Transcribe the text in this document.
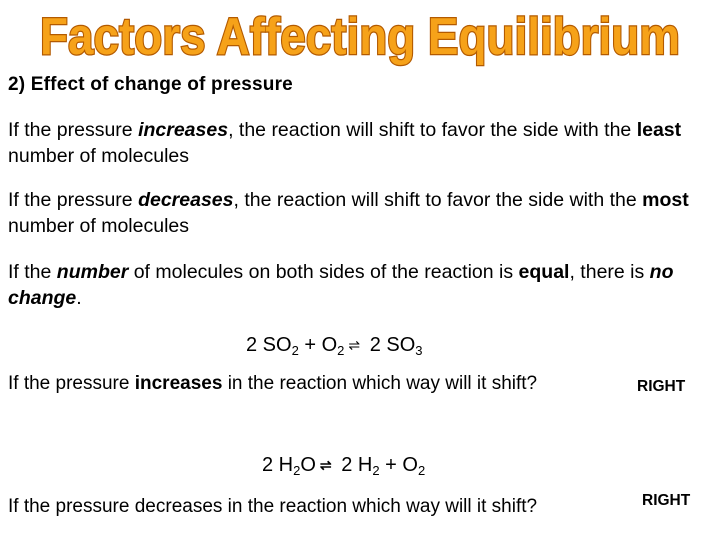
Factors Affecting Equilibrium
2) Effect of change of pressure
If the pressure increases, the reaction will shift to favor the side with the least number of molecules
If the pressure decreases, the reaction will shift to favor the side with the most number of molecules
If the number of molecules on both sides of the reaction is equal, there is no change.
2 $SO_2 + O_2$ ⇌ 2 $SO_3$
If the pressure increases in the reaction which way will it shift?	RIGHT
2 $H_2O$ ⇌ 2 $H_2 + O_2$
If the pressure decreases in the reaction which way will it shift?	RIGHT
